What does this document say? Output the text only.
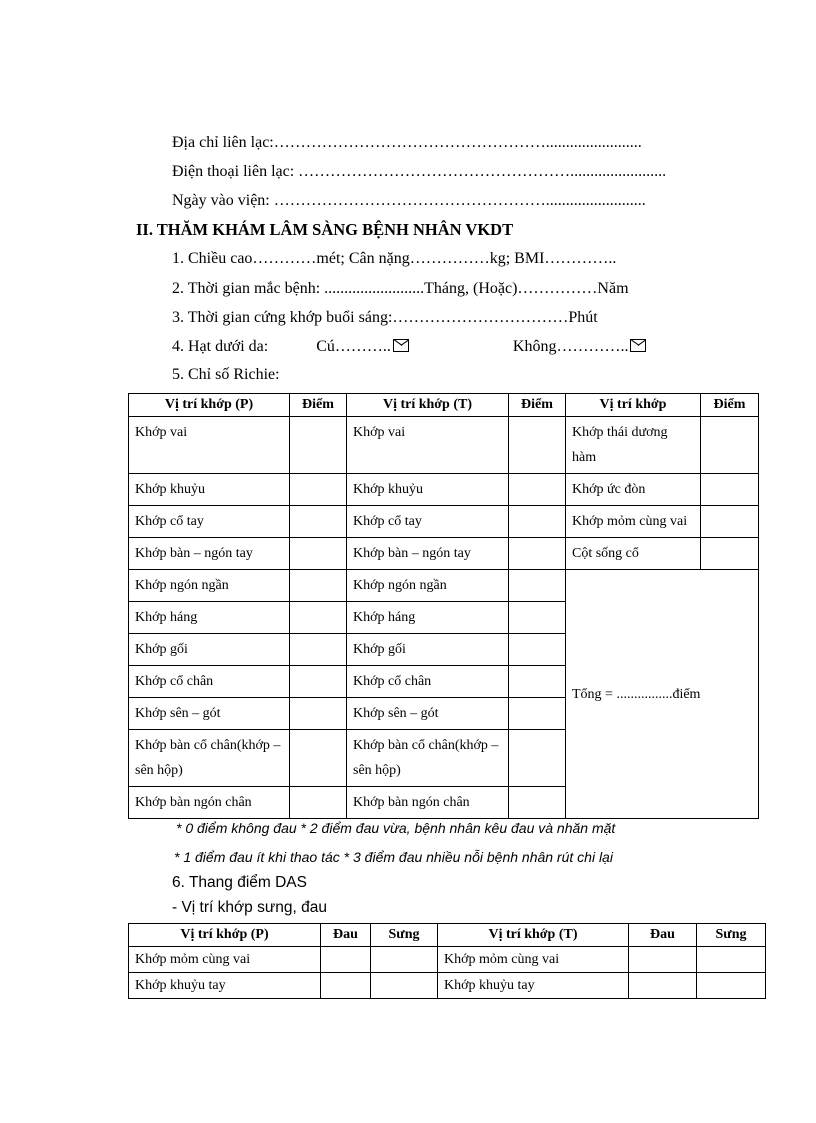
Địa chỉ liên lạc:……………………………………………........................
Điện thoại liên lạc: ……………………………………………........................
Ngày vào viện: …………………………………………….........................
II. THĂM KHÁM LÂM SÀNG BỆNH NHÂN VKDT
1. Chiều cao…………mét; Cân nặng……………kg; BMI…………..
2. Thời gian mắc bệnh: .........................Tháng, (Hoặc)……………Năm
3. Thời gian cứng khớp buổi sáng:……………………………Phút
4. Hạt dưới da:	Cú………..	Không…………..
5. Chỉ số Richie:
Vị trí khớp (P)	Điểm	Vị trí khớp (T)	Điểm	Vị trí khớp	Điểm
Khớp vai		Khớp vai		Khớp thái dương hàm	
Khớp khuỷu		Khớp khuỷu		Khớp ức đòn	
Khớp cổ tay		Khớp cổ tay		Khớp mỏm cùng vai	
Khớp bàn – ngón tay		Khớp bàn – ngón tay		Cột sống cổ	
Khớp ngón ngần		Khớp ngón ngần		Tổng = ................điểm	
Khớp háng		Khớp háng			
Khớp gối		Khớp gối			
Khớp cổ chân		Khớp cổ chân			
Khớp sên – gót		Khớp sên – gót			
Khớp bàn cổ chân(khớp – sên hộp)		Khớp bàn cổ chân(khớp – sên hộp)			
Khớp bàn ngón chân		Khớp bàn ngón chân			
* 0 điểm không đau * 2 điểm đau vừa, bệnh nhân kêu đau và nhăn mặt
* 1 điểm đau ít khi thao tác * 3 điểm đau nhiều nỗi bệnh nhân rút chi lại
6. Thang điểm DAS
- Vị trí khớp sưng, đau
Vị trí khớp (P)	Đau	Sưng	Vị trí khớp (T)	Đau	Sưng
Khớp mỏm cùng vai			Khớp mỏm cùng vai		
Khớp khuỷu tay			Khớp khuỷu tay		
